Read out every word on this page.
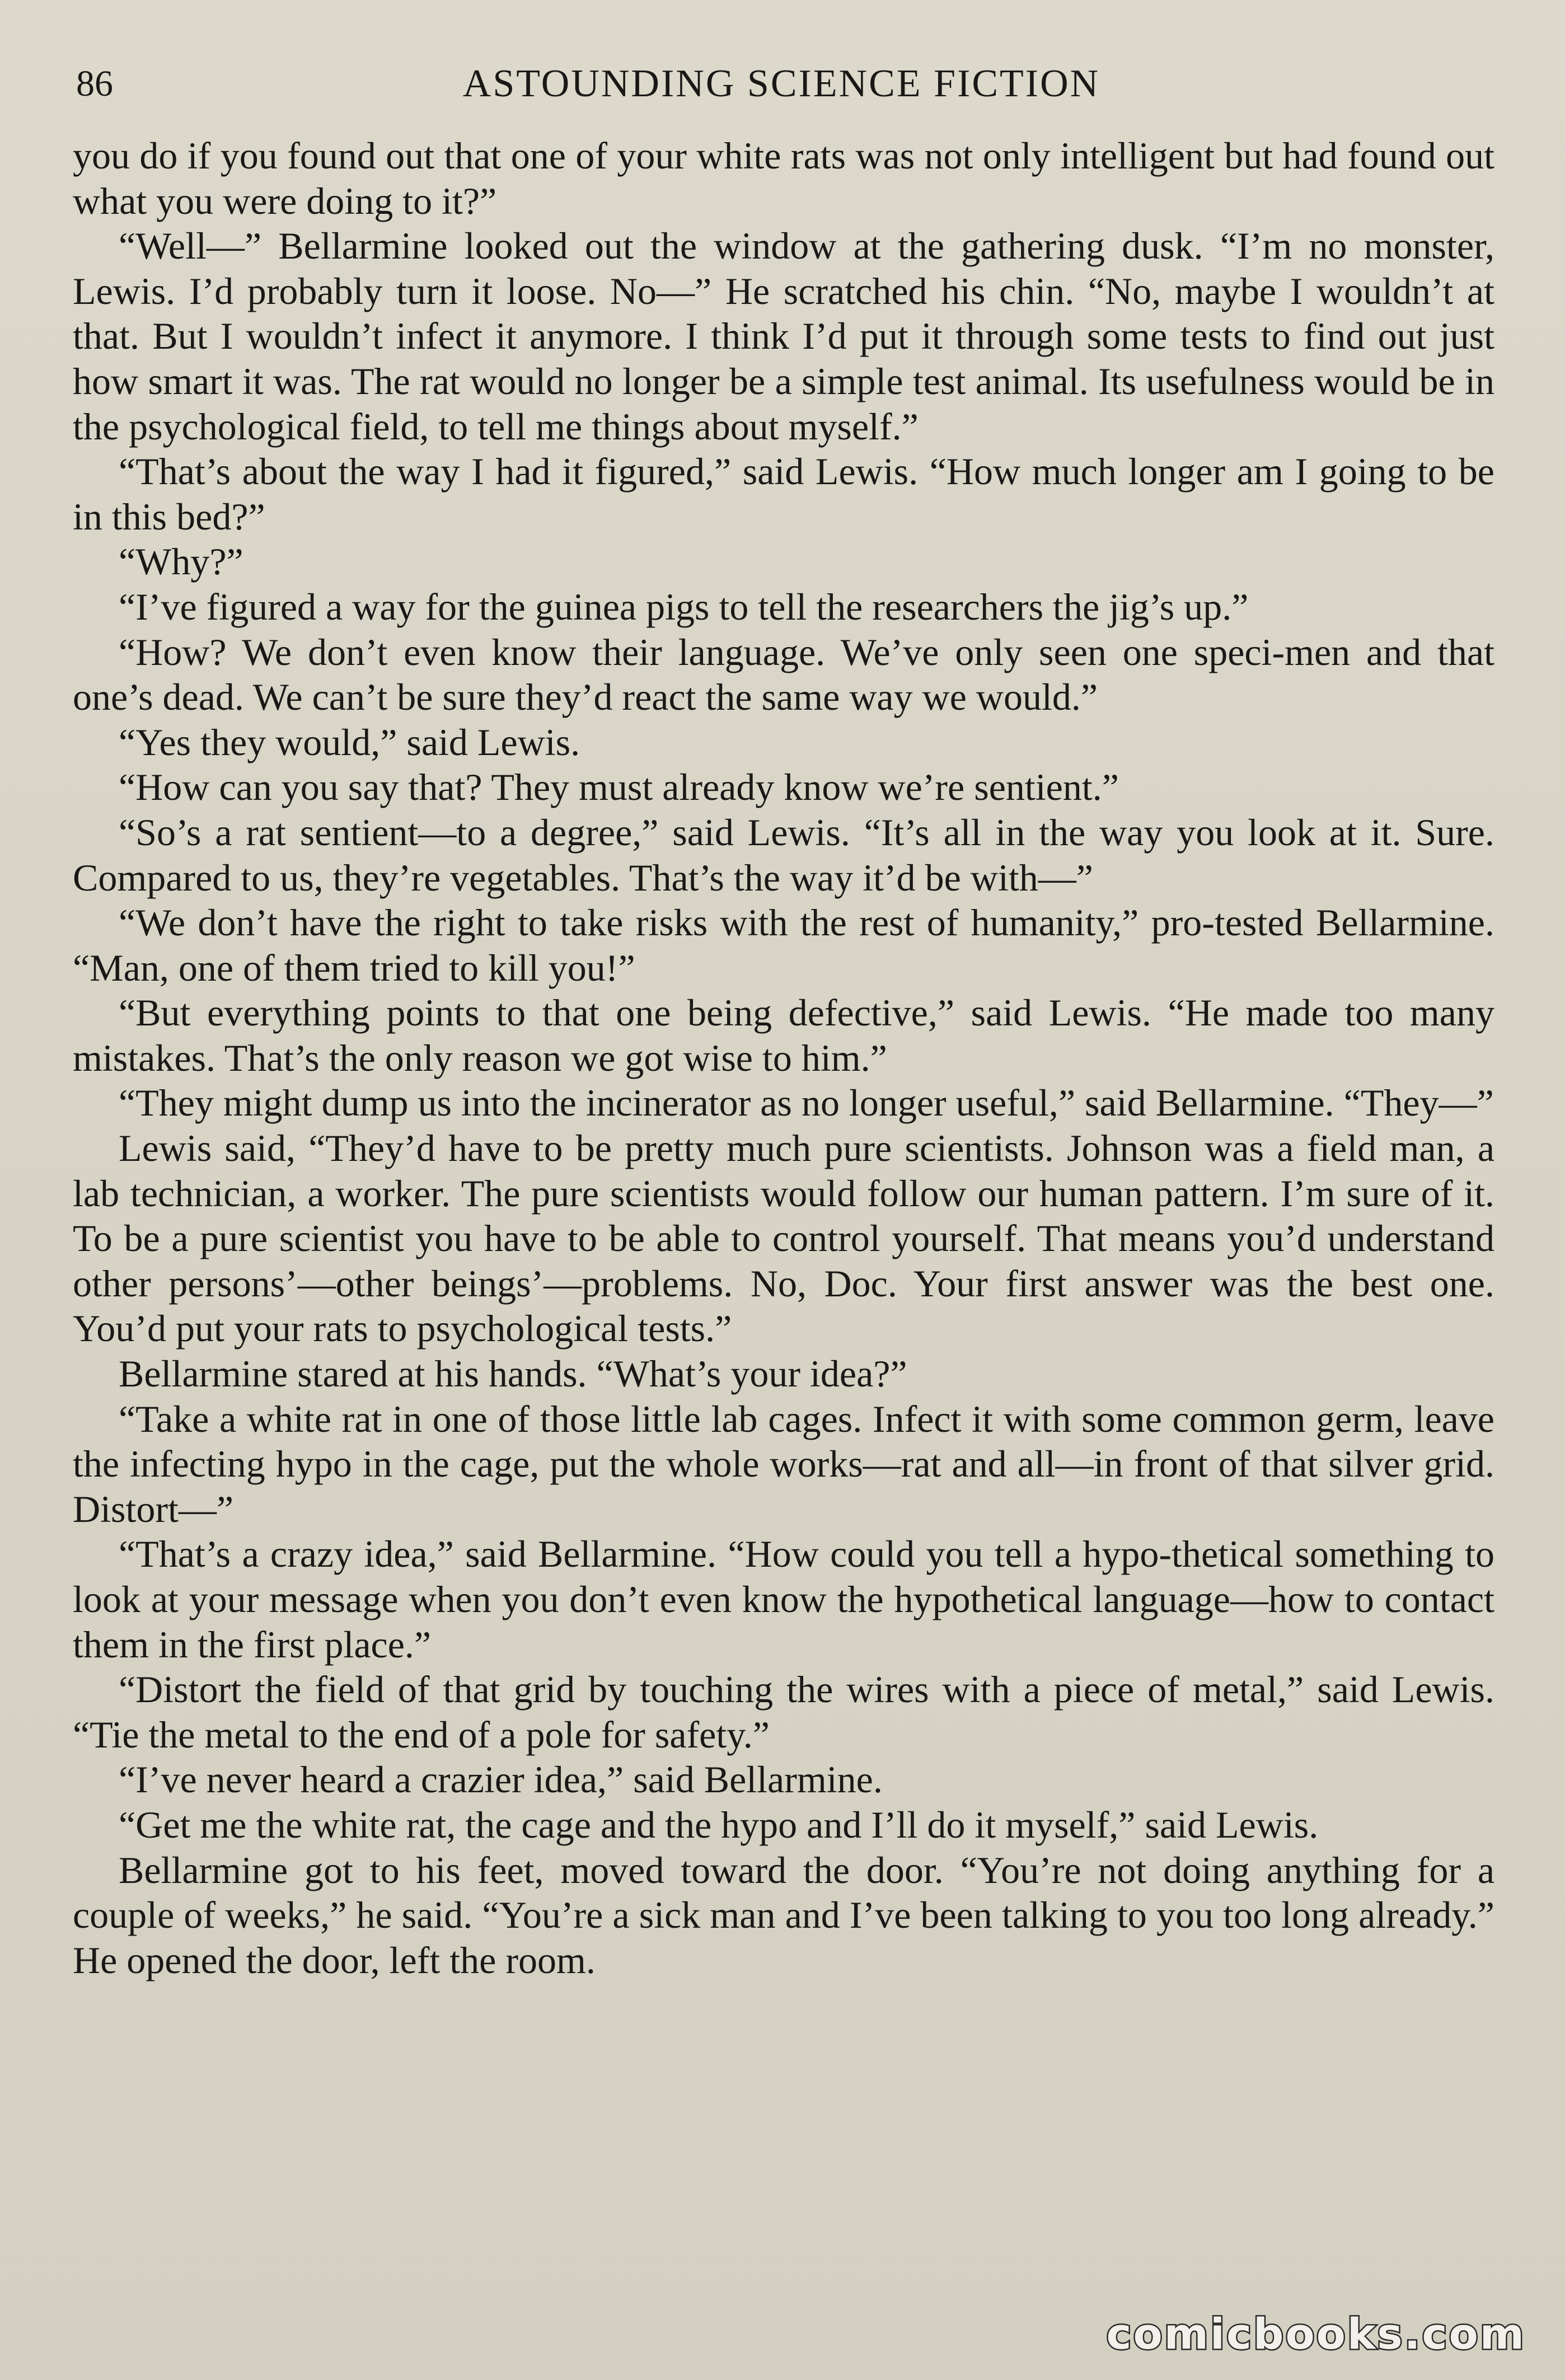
86	ASTOUNDING SCIENCE FICTION

you do if you found out that one of your white rats was not only intelligent but had found out what you were doing to it?”

“Well—” Bellarmine looked out the window at the gathering dusk. “I’m no monster, Lewis. I’d probably turn it loose. No—” He scratched his chin. “No, maybe I wouldn’t at that. But I wouldn’t infect it anymore. I think I’d put it through some tests to find out just how smart it was. The rat would no longer be a simple test animal. Its usefulness would be in the psychological field, to tell me things about myself.”

“That’s about the way I had it figured,” said Lewis. “How much longer am I going to be in this bed?”

“Why?”

“I’ve figured a way for the guinea pigs to tell the researchers the jig’s up.”

“How? We don’t even know their language. We’ve only seen one speci-men and that one’s dead. We can’t be sure they’d react the same way we would.”

“Yes they would,” said Lewis.

“How can you say that? They must already know we’re sentient.”

“So’s a rat sentient—to a degree,” said Lewis. “It’s all in the way you look at it. Sure. Compared to us, they’re vegetables. That’s the way it’d be with—”

“We don’t have the right to take risks with the rest of humanity,” pro-tested Bellarmine. “Man, one of them tried to kill you!”

“But everything points to that one being defective,” said Lewis. “He made too many mistakes. That’s the only reason we got wise to him.”

“They might dump us into the incinerator as no longer useful,” said Bellarmine. “They—”

Lewis said, “They’d have to be pretty much pure scientists. Johnson was a field man, a lab technician, a worker. The pure scientists would follow our human pattern. I’m sure of it. To be a pure scientist you have to be able to control yourself. That means you’d understand other persons’—other beings’—problems. No, Doc. Your first answer was the best one. You’d put your rats to psychological tests.”

Bellarmine stared at his hands. “What’s your idea?”

“Take a white rat in one of those little lab cages. Infect it with some common germ, leave the infecting hypo in the cage, put the whole works—rat and all—in front of that silver grid. Distort—”

“That’s a crazy idea,” said Bellarmine. “How could you tell a hypo-thetical something to look at your message when you don’t even know the hypothetical language—how to contact them in the first place.”

“Distort the field of that grid by touching the wires with a piece of metal,” said Lewis. “Tie the metal to the end of a pole for safety.”

“I’ve never heard a crazier idea,” said Bellarmine.

“Get me the white rat, the cage and the hypo and I’ll do it myself,” said Lewis.

Bellarmine got to his feet, moved toward the door. “You’re not doing anything for a couple of weeks,” he said. “You’re a sick man and I’ve been talking to you too long already.” He opened the door, left the room.

comicbooks.com
